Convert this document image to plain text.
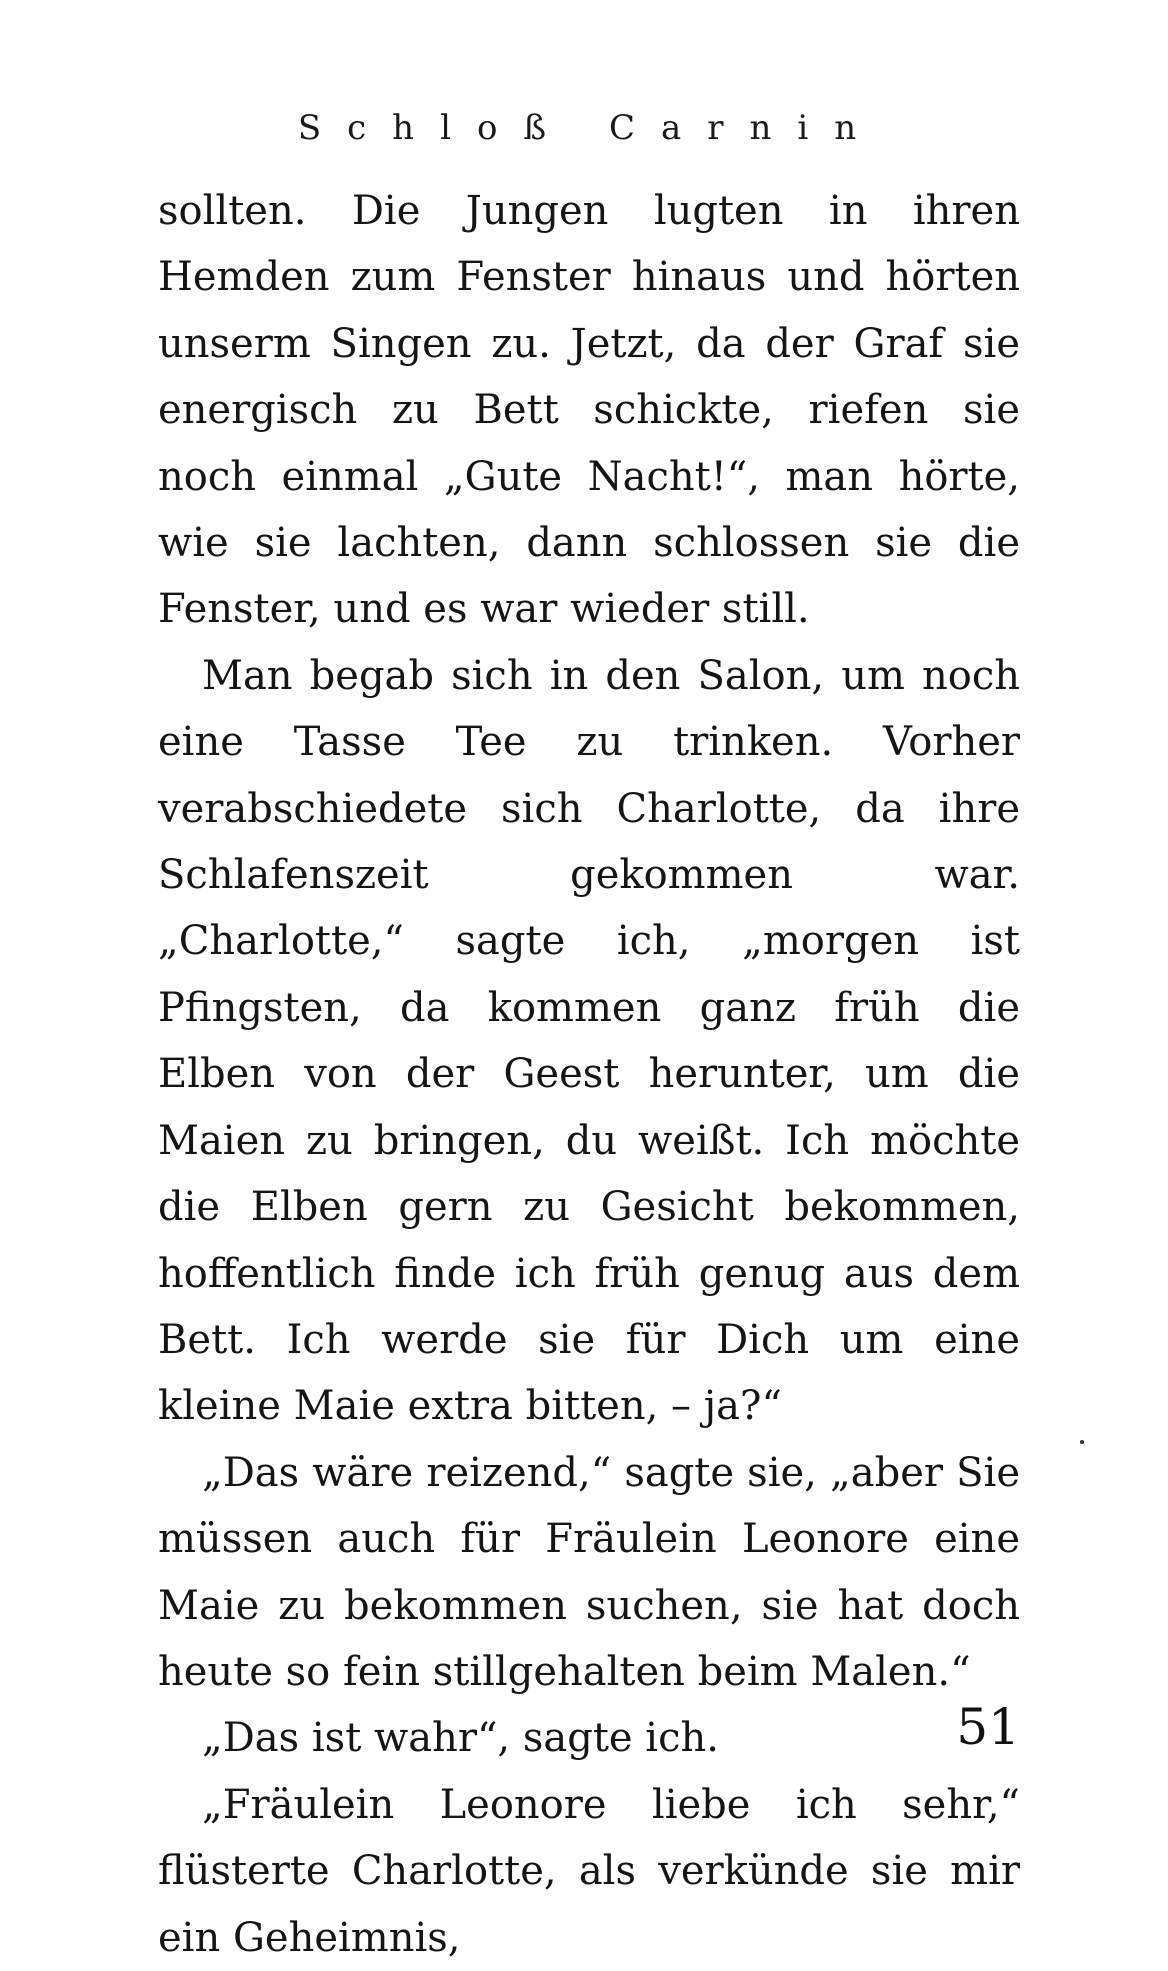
Schloß Carnin

sollten. Die Jungen lugten in ihren Hemden zum Fenster hinaus und hörten unserm Singen zu. Jetzt, da der Graf sie energisch zu Bett schickte, riefen sie noch einmal „Gute Nacht!“, man hörte, wie sie lachten, dann schlossen sie die Fenster, und es war wieder still.

Man begab sich in den Salon, um noch eine Tasse Tee zu trinken. Vorher verabschiedete sich Charlotte, da ihre Schlafenszeit gekommen war. „Charlotte,“ sagte ich, „morgen ist Pfingsten, da kommen ganz früh die Elben von der Geest herunter, um die Maien zu bringen, du weißt. Ich möchte die Elben gern zu Gesicht bekommen, hoffentlich finde ich früh genug aus dem Bett. Ich werde sie für Dich um eine kleine Maie extra bitten, – ja?“

„Das wäre reizend,“ sagte sie, „aber Sie müssen auch für Fräulein Leonore eine Maie zu bekommen suchen, sie hat doch heute so fein stillgehalten beim Malen.“

„Das ist wahr“, sagte ich.

„Fräulein Leonore liebe ich sehr,“ flüsterte Charlotte, als verkünde sie mir ein Geheimnis,

51
